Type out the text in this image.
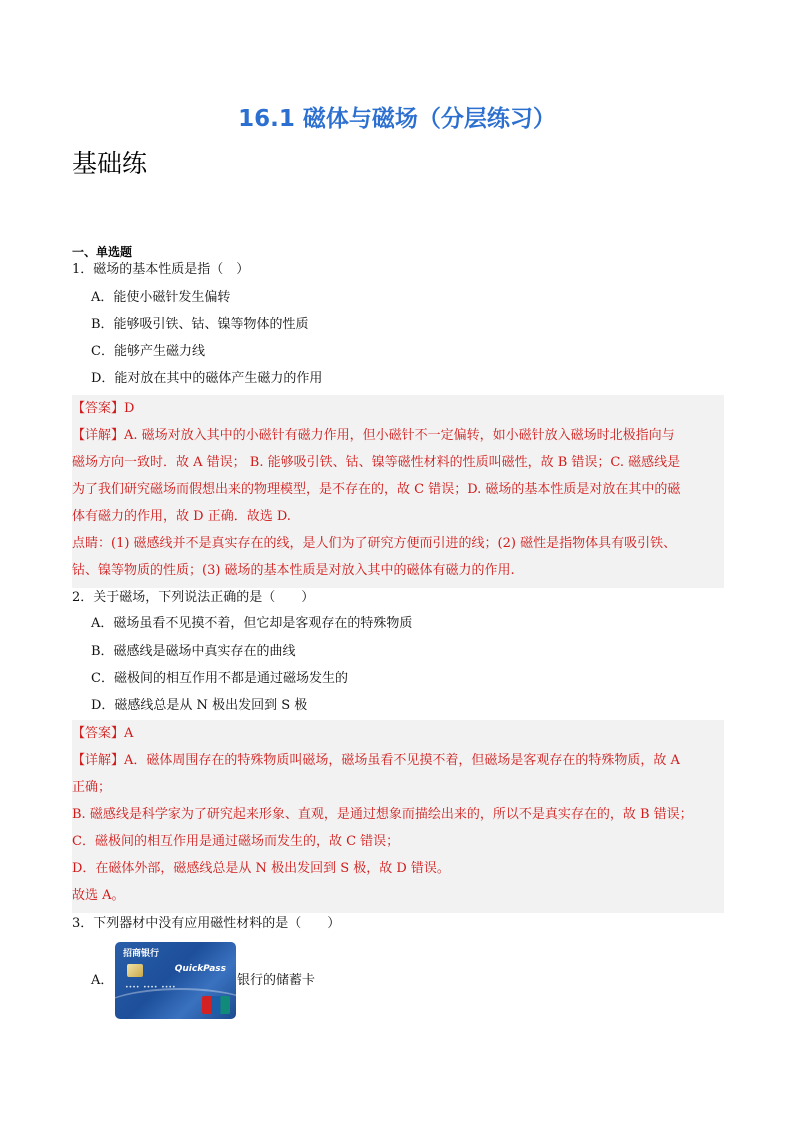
16.1 磁体与磁场（分层练习）
基础练
一、单选题
1．磁场的基本性质是指（　）
A．能使小磁针发生偏转
B．能够吸引铁、钴、镍等物体的性质
C．能够产生磁力线
D．能对放在其中的磁体产生磁力的作用
【答案】D
【详解】A. 磁场对放入其中的小磁针有磁力作用，但小磁针不一定偏转，如小磁针放入磁场时北极指向与
磁场方向一致时．故 A 错误； B. 能够吸引铁、钴、镍等磁性材料的性质叫磁性，故 B 错误；C. 磁感线是
为了我们研究磁场而假想出来的物理模型，是不存在的，故 C 错误；D. 磁场的基本性质是对放在其中的磁
体有磁力的作用，故 D 正确．故选 D.
点睛：(1) 磁感线并不是真实存在的线，是人们为了研究方便而引进的线；(2) 磁性是指物体具有吸引铁、
钴、镍等物质的性质；(3) 磁场的基本性质是对放入其中的磁体有磁力的作用.
2．关于磁场，下列说法正确的是（　　）
A．磁场虽看不见摸不着，但它却是客观存在的特殊物质
B．磁感线是磁场中真实存在的曲线
C．磁极间的相互作用不都是通过磁场发生的
D．磁感线总是从 N 极出发回到 S 极
【答案】A
【详解】A．磁体周围存在的特殊物质叫磁场，磁场虽看不见摸不着，但磁场是客观存在的特殊物质，故 A
正确；
B. 磁感线是科学家为了研究起来形象、直观，是通过想象而描绘出来的，所以不是真实存在的，故 B 错误；
C．磁极间的相互作用是通过磁场而发生的，故 C 错误；
D．在磁体外部，磁感线总是从 N 极出发回到 S 极，故 D 错误。
故选 A。
3．下列器材中没有应用磁性材料的是（　　）
A．
招商银行
QuickPass
•••• •••• ••••	银行的储蓄卡
